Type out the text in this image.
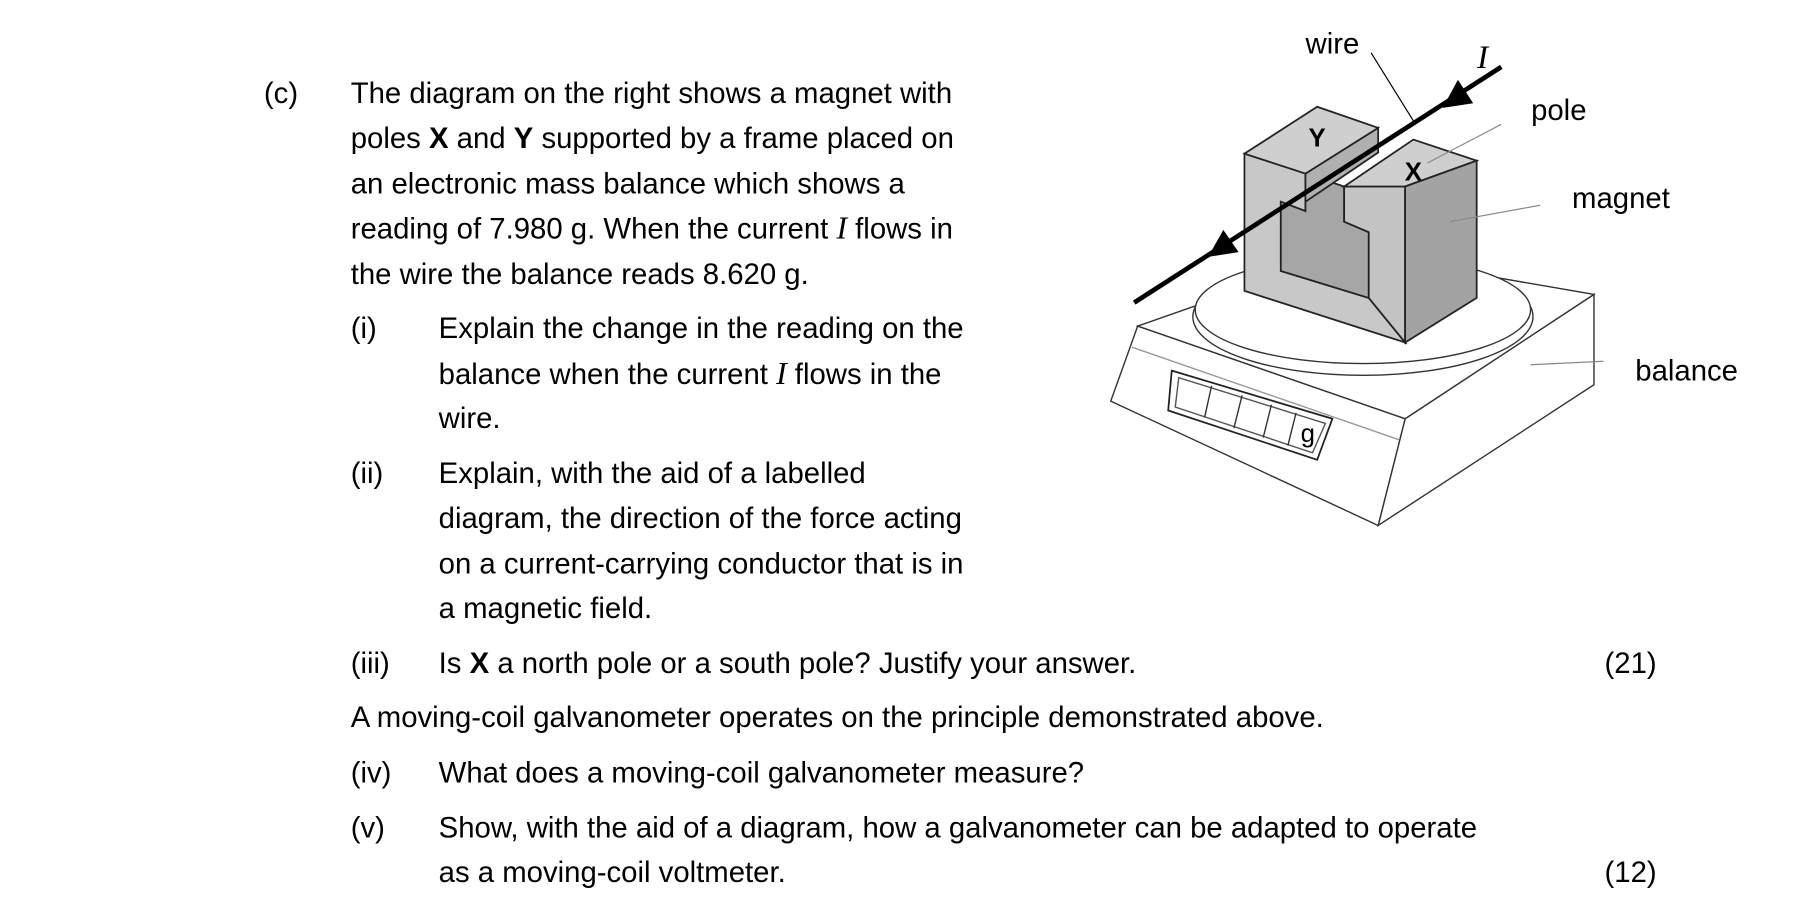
(c) The diagram on the right shows a magnet with
poles X and Y supported by a frame placed on
an electronic mass balance which shows a
reading of 7.980 g. When the current I flows in
the wire the balance reads 8.620 g.
(i) Explain the change in the reading on the
balance when the current I flows in the
wire.
(ii) Explain, with the aid of a labelled
diagram, the direction of the force acting
on a current-carrying conductor that is in
a magnetic field.
(iii) Is X a north pole or a south pole? Justify your answer.	(21)
A moving-coil galvanometer operates on the principle demonstrated above.
(iv) What does a moving-coil galvanometer measure?
(v) Show, with the aid of a diagram, how a galvanometer can be adapted to operate
as a moving-coil voltmeter.	(12)
wire	I
pole
magnet
balance
Y
X
g
